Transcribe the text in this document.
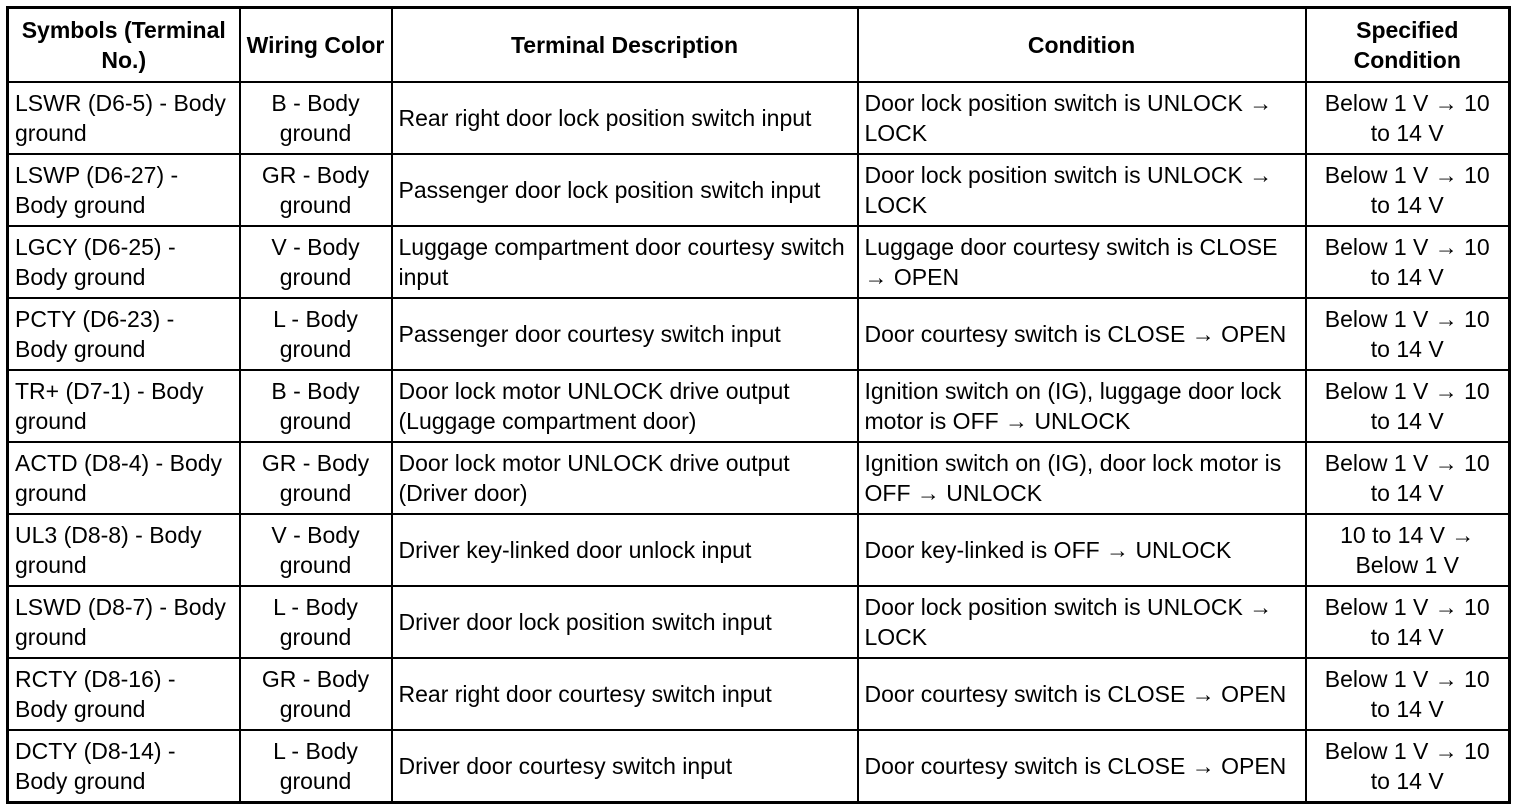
Symbols (Terminal No.)	Wiring Color	Terminal Description	Condition	Specified Condition
LSWR (D6-5) - Body ground	B - Body ground	Rear right door lock position switch input	Door lock position switch is UNLOCK → LOCK	Below 1 V → 10 to 14 V
LSWP (D6-27) - Body ground	GR - Body ground	Passenger door lock position switch input	Door lock position switch is UNLOCK → LOCK	Below 1 V → 10 to 14 V
LGCY (D6-25) - Body ground	V - Body ground	Luggage compartment door courtesy switch input	Luggage door courtesy switch is CLOSE → OPEN	Below 1 V → 10 to 14 V
PCTY (D6-23) - Body ground	L - Body ground	Passenger door courtesy switch input	Door courtesy switch is CLOSE → OPEN	Below 1 V → 10 to 14 V
TR+ (D7-1) - Body ground	B - Body ground	Door lock motor UNLOCK drive output (Luggage compartment door)	Ignition switch on (IG), luggage door lock motor is OFF → UNLOCK	Below 1 V → 10 to 14 V
ACTD (D8-4) - Body ground	GR - Body ground	Door lock motor UNLOCK drive output (Driver door)	Ignition switch on (IG), door lock motor is OFF → UNLOCK	Below 1 V → 10 to 14 V
UL3 (D8-8) - Body ground	V - Body ground	Driver key-linked door unlock input	Door key-linked is OFF → UNLOCK	10 to 14 V → Below 1 V
LSWD (D8-7) - Body ground	L - Body ground	Driver door lock position switch input	Door lock position switch is UNLOCK → LOCK	Below 1 V → 10 to 14 V
RCTY (D8-16) - Body ground	GR - Body ground	Rear right door courtesy switch input	Door courtesy switch is CLOSE → OPEN	Below 1 V → 10 to 14 V
DCTY (D8-14) - Body ground	L - Body ground	Driver door courtesy switch input	Door courtesy switch is CLOSE → OPEN	Below 1 V → 10 to 14 V
